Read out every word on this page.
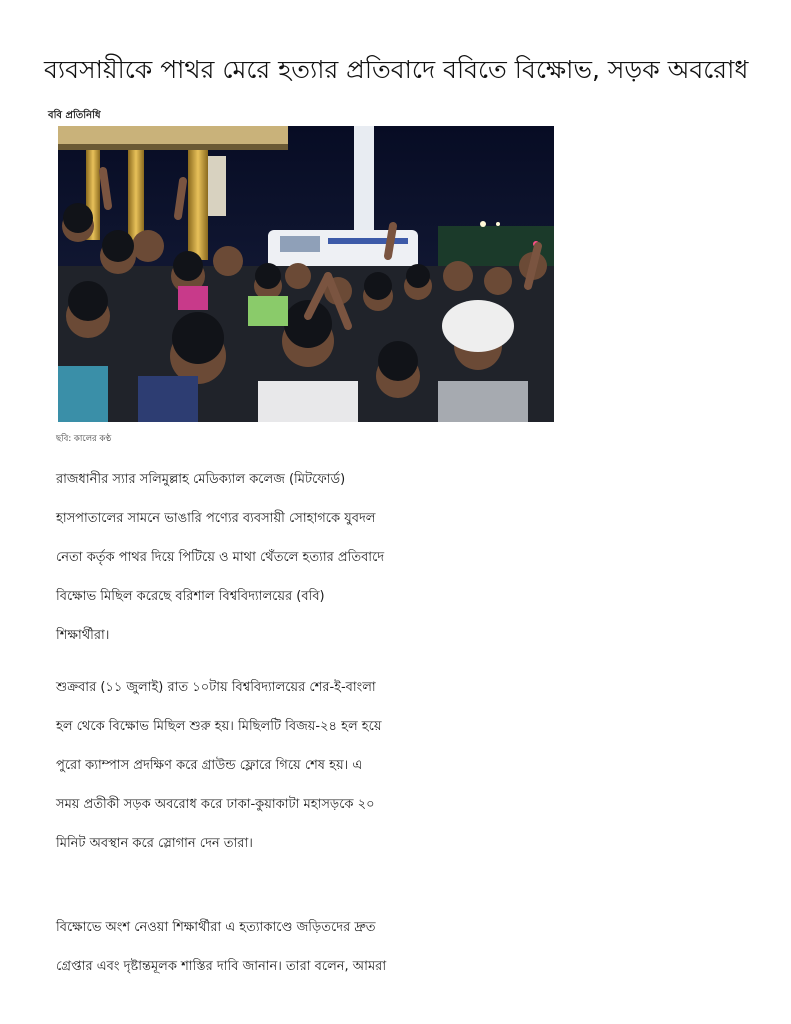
ব্যবসায়ীকে পাথর মেরে হত্যার প্রতিবাদে ববিতে বিক্ষোভ, সড়ক অবরোধ
ববি প্রতিনিধি
ছবি: কালের কণ্ঠ
রাজধানীর স্যার সলিমুল্লাহ মেডিক্যাল কলেজ (মিটফোর্ড)
হাসপাতালের সামনে ভাঙারি পণ্যের ব্যবসায়ী সোহাগকে যুবদল
নেতা কর্তৃক পাথর দিয়ে পিটিয়ে ও মাথা থেঁতলে হত্যার প্রতিবাদে
বিক্ষোভ মিছিল করেছে বরিশাল বিশ্ববিদ্যালয়ের (ববি)
শিক্ষার্থীরা।
শুক্রবার (১১ জুলাই) রাত ১০টায় বিশ্ববিদ্যালয়ের শের-ই-বাংলা
হল থেকে বিক্ষোভ মিছিল শুরু হয়। মিছিলটি বিজয়-২৪ হল হয়ে
পুরো ক্যাম্পাস প্রদক্ষিণ করে গ্রাউন্ড ফ্লোরে গিয়ে শেষ হয়। এ
সময় প্রতীকী সড়ক অবরোধ করে ঢাকা-কুয়াকাটা মহাসড়কে ২০
মিনিট অবস্থান করে স্লোগান দেন তারা।
বিক্ষোভে অংশ নেওয়া শিক্ষার্থীরা এ হত্যাকাণ্ডে জড়িতদের দ্রুত
গ্রেপ্তার এবং দৃষ্টান্তমূলক শাস্তির দাবি জানান। তারা বলেন, আমরা
